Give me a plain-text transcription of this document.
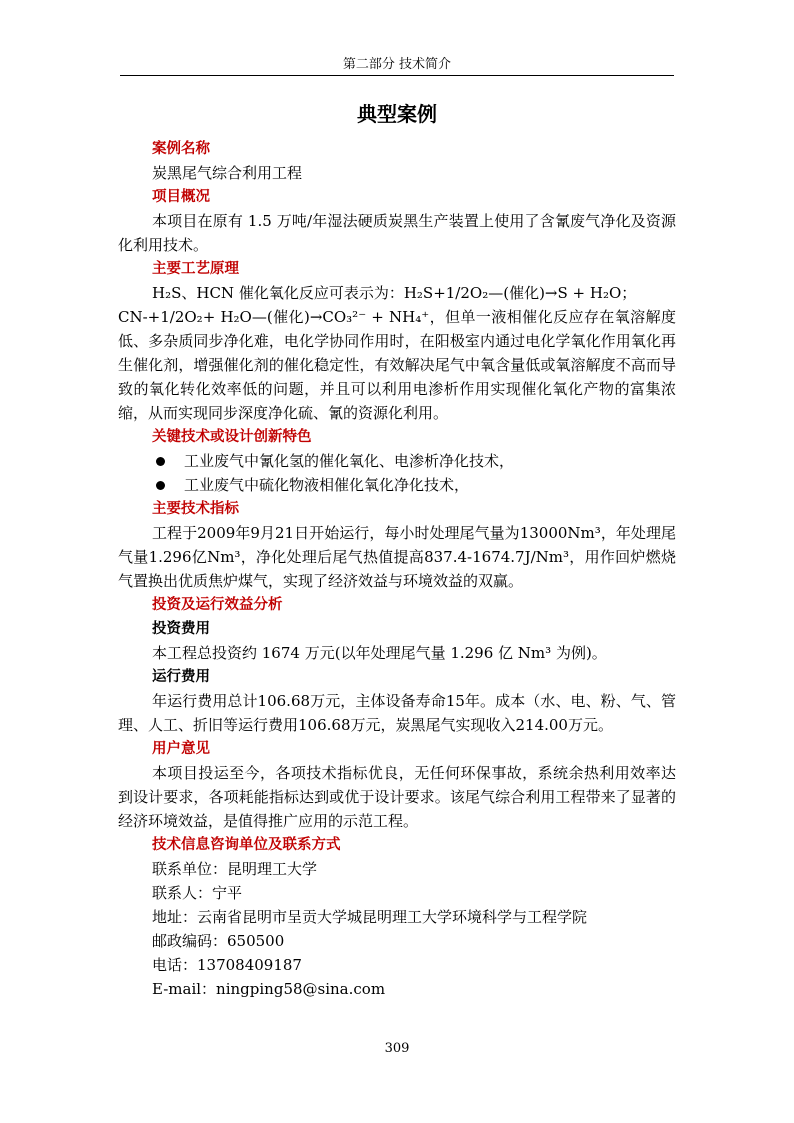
第二部分 技术简介
典型案例

案例名称

炭黑尾气综合利用工程

项目概况

本项目在原有 1.5 万吨/年湿法硬质炭黑生产装置上使用了含氰废气净化及资源化利用技术。

主要工艺原理

H₂S、HCN 催化氧化反应可表示为：H₂S+1/2O₂—(催化)→S + H₂O；

CN-+1/2O₂+ H₂O—(催化)→CO₃²⁻ + NH₄⁺，但单一液相催化反应存在氧溶解度低、多杂质同步净化难，电化学协同作用时，在阳极室内通过电化学氧化作用氧化再生催化剂，增强催化剂的催化稳定性，有效解决尾气中氧含量低或氧溶解度不高而导致的氧化转化效率低的问题，并且可以利用电渗析作用实现催化氧化产物的富集浓缩，从而实现同步深度净化硫、氰的资源化利用。

关键技术或设计创新特色

工业废气中氰化氢的催化氧化、电渗析净化技术，
工业废气中硫化物液相催化氧化净化技术，

主要技术指标

工程于2009年9月21日开始运行，每小时处理尾气量为13000Nm³，年处理尾气量1.296亿Nm³，净化处理后尾气热值提高837.4-1674.7J/Nm³，用作回炉燃烧气置换出优质焦炉煤气，实现了经济效益与环境效益的双赢。

投资及运行效益分析

投资费用

本工程总投资约 1674 万元(以年处理尾气量 1.296 亿 Nm³ 为例)。

运行费用

年运行费用总计106.68万元，主体设备寿命15年。成本（水、电、粉、气、管理、人工、折旧等运行费用106.68万元，炭黑尾气实现收入214.00万元。

用户意见

本项目投运至今，各项技术指标优良，无任何环保事故，系统余热利用效率达到设计要求，各项耗能指标达到或优于设计要求。该尾气综合利用工程带来了显著的经济环境效益，是值得推广应用的示范工程。

技术信息咨询单位及联系方式

联系单位：昆明理工大学

联系人：宁平

地址：云南省昆明市呈贡大学城昆明理工大学环境科学与工程学院

邮政编码：650500

电话：13708409187

E-mail：ningping58@sina.com

309
